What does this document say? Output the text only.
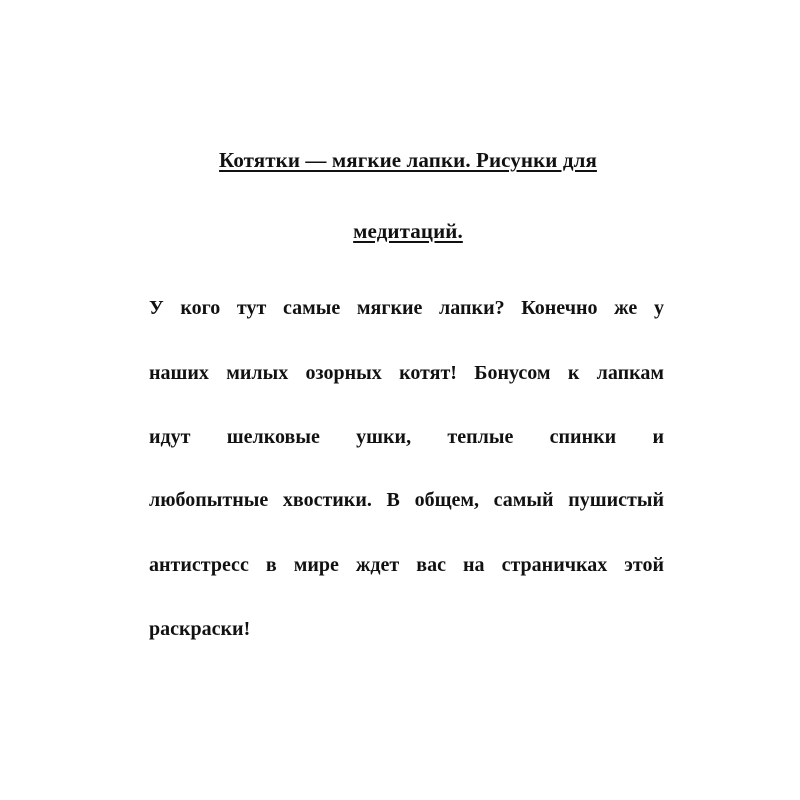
Котятки — мягкие лапки. Рисунки для
медитаций.
У кого тут самые мягкие лапки? Конечно же у
наших милых озорных котят! Бонусом к лапкам
идут шелковые ушки, теплые спинки и
любопытные хвостики. В общем, самый пушистый
антистресс в мире ждет вас на страничках этой
раскраски!
